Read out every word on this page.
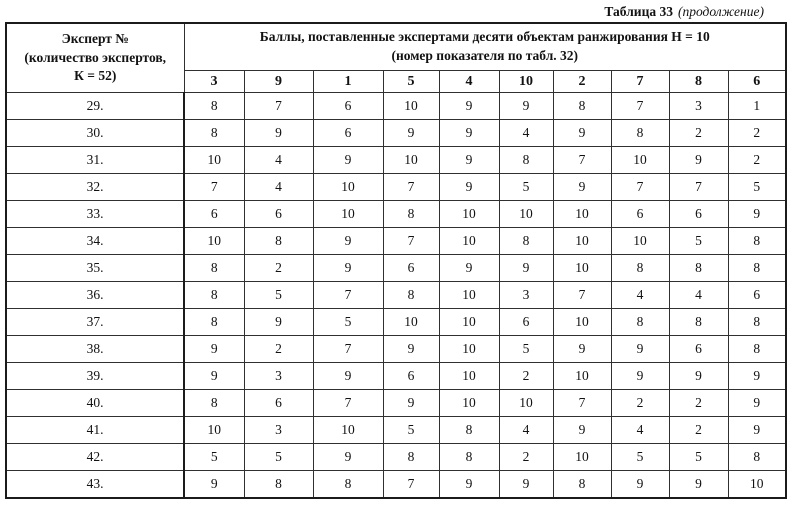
Таблица 33 (продолжение)
Эксперт №
(количество экспертов,
К = 52)	Баллы, поставленные экспертами десяти объектам ранжирования Н = 10
(номер показателя по табл. 32)									

	3	9	1	5	4	10	2	7	8	6
29.	8	7	6	10	9	9	8	7	3	1
30.	8	9	6	9	9	4	9	8	2	2
31.	10	4	9	10	9	8	7	10	9	2
32.	7	4	10	7	9	5	9	7	7	5
33.	6	6	10	8	10	10	10	6	6	9
34.	10	8	9	7	10	8	10	10	5	8
35.	8	2	9	6	9	9	10	8	8	8
36.	8	5	7	8	10	3	7	4	4	6
37.	8	9	5	10	10	6	10	8	8	8
38.	9	2	7	9	10	5	9	9	6	8
39.	9	3	9	6	10	2	10	9	9	9
40.	8	6	7	9	10	10	7	2	2	9
41.	10	3	10	5	8	4	9	4	2	9
42.	5	5	9	8	8	2	10	5	5	8
43.	9	8	8	7	9	9	8	9	9	10
